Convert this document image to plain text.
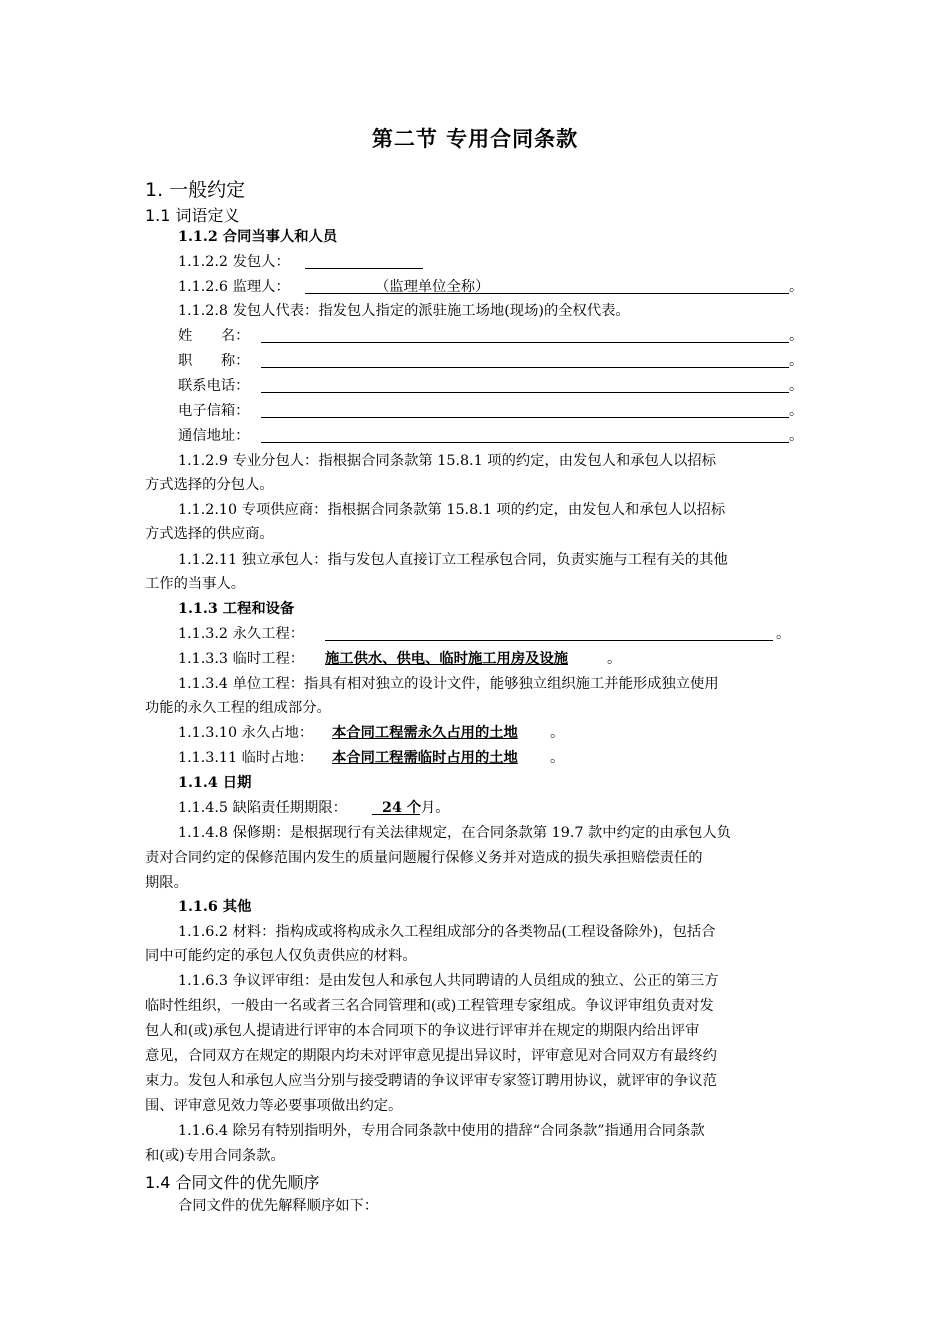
第二节 专用合同条款
1. 一般约定
1.1 词语定义
1.1.2 合同当事人和人员
1.1.2.2 发包人：
1.1.2.6 监理人：	（监理单位全称）	。
1.1.2.8 发包人代表：指发包人指定的派驻施工场地(现场)的全权代表。
姓　　名：	。
职　　称：	。
联系电话：	。
电子信箱：	。
通信地址：	。
1.1.2.9 专业分包人：指根据合同条款第 15.8.1 项的约定，由发包人和承包人以招标
方式选择的分包人。
1.1.2.10 专项供应商：指根据合同条款第 15.8.1 项的约定，由发包人和承包人以招标
方式选择的供应商。
1.1.2.11 独立承包人：指与发包人直接订立工程承包合同，负责实施与工程有关的其他
工作的当事人。
1.1.3 工程和设备
1.1.3.2 永久工程：	。
1.1.3.3 临时工程： 施工供水、供电、临时施工用房及设施	。
1.1.3.4 单位工程：指具有相对独立的设计文件，能够独立组织施工并能形成独立使用
功能的永久工程的组成部分。
1.1.3.10 永久占地： 本合同工程需永久占用的土地 。
1.1.3.11 临时占地： 本合同工程需临时占用的土地 。
1.1.4 日期
1.1.4.5 缺陷责任期期限： 24 个 月。
1.1.4.8 保修期：是根据现行有关法律规定，在合同条款第 19.7 款中约定的由承包人负
责对合同约定的保修范围内发生的质量问题履行保修义务并对造成的损失承担赔偿责任的
期限。
1.1.6 其他
1.1.6.2 材料：指构成或将构成永久工程组成部分的各类物品(工程设备除外)，包括合
同中可能约定的承包人仅负责供应的材料。
1.1.6.3 争议评审组：是由发包人和承包人共同聘请的人员组成的独立、公正的第三方
临时性组织，一般由一名或者三名合同管理和(或)工程管理专家组成。争议评审组负责对发
包人和(或)承包人提请进行评审的本合同项下的争议进行评审并在规定的期限内给出评审
意见，合同双方在规定的期限内均未对评审意见提出异议时，评审意见对合同双方有最终约
束力。发包人和承包人应当分别与接受聘请的争议评审专家签订聘用协议，就评审的争议范
围、评审意见效力等必要事项做出约定。
1.1.6.4 除另有特别指明外，专用合同条款中使用的措辞“合同条款”指通用合同条款
和(或)专用合同条款。
1.4 合同文件的优先顺序
合同文件的优先解释顺序如下：
